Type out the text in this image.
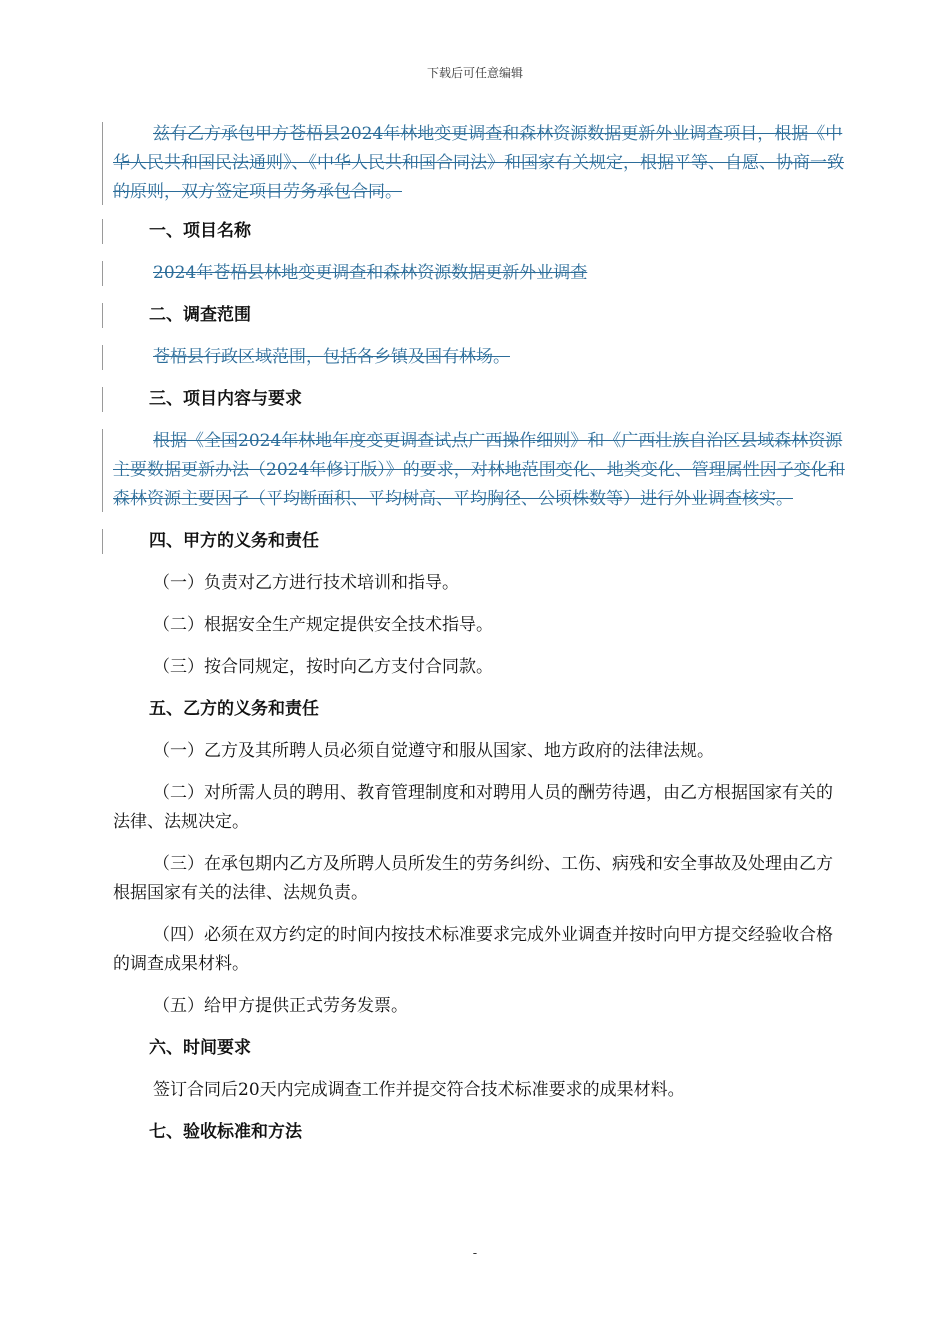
下载后可任意编辑

兹有乙方承包甲方苍梧县2024年林地变更调查和森林资源数据更新外业调查项目，根据《中华人民共和国民法通则》、《中华人民共和国合同法》和国家有关规定，根据平等、自愿、协商一致的原则，双方签定项目劳务承包合同。

一、项目名称

2024年苍梧县林地变更调查和森林资源数据更新外业调查

二、调查范围

苍梧县行政区域范围，包括各乡镇及国有林场。

三、项目内容与要求

根据《全国2024年林地年度变更调查试点广西操作细则》和《广西壮族自治区县域森林资源主要数据更新办法（2024年修订版）》的要求，对林地范围变化、地类变化、管理属性因子变化和森林资源主要因子（平均断面积、平均树高、平均胸径、公顷株数等）进行外业调查核实。

四、甲方的义务和责任

（一）负责对乙方进行技术培训和指导。

（二）根据安全生产规定提供安全技术指导。

（三）按合同规定，按时向乙方支付合同款。

五、乙方的义务和责任

（一）乙方及其所聘人员必须自觉遵守和服从国家、地方政府的法律法规。

（二）对所需人员的聘用、教育管理制度和对聘用人员的酬劳待遇，由乙方根据国家有关的法律、法规决定。

（三）在承包期内乙方及所聘人员所发生的劳务纠纷、工伤、病残和安全事故及处理由乙方根据国家有关的法律、法规负责。

（四）必须在双方约定的时间内按技术标准要求完成外业调查并按时向甲方提交经验收合格的调查成果材料。

（五）给甲方提供正式劳务发票。

六、时间要求

签订合同后20天内完成调查工作并提交符合技术标准要求的成果材料。

七、验收标准和方法

-
